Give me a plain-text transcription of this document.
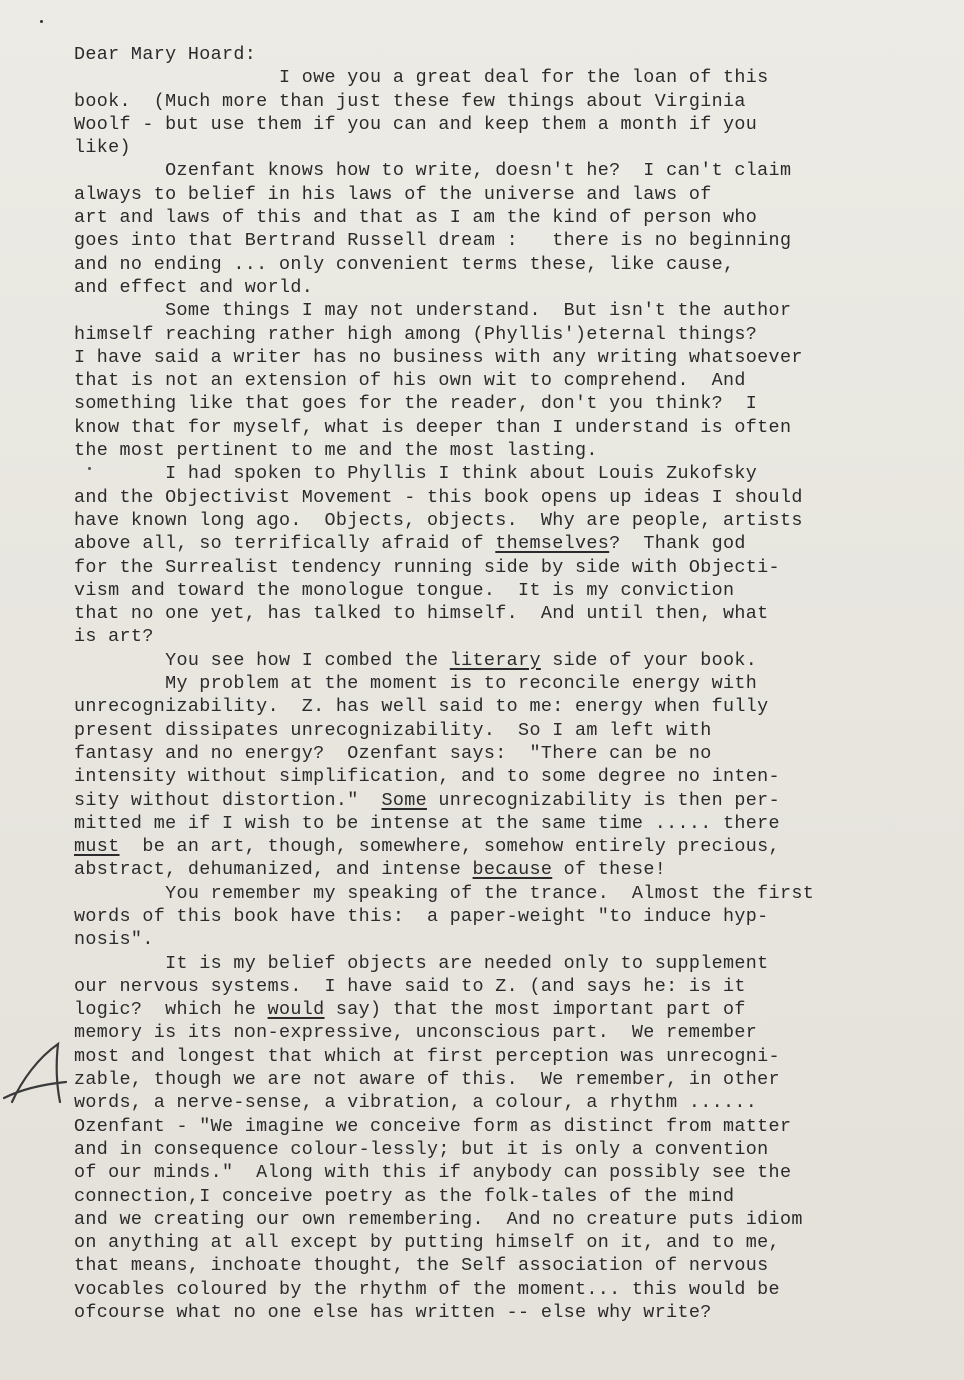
Dear Mary Hoard:
I owe you a great deal for the loan of this
book.  (Much more than just these few things about Virginia
Woolf - but use them if you can and keep them a month if you
like)
Ozenfant knows how to write, doesn't he?  I can't claim
always to belief in his laws of the universe and laws of
art and laws of this and that as I am the kind of person who
goes into that Bertrand Russell dream :   there is no beginning
and no ending ... only convenient terms these, like cause,
and effect and world.
Some things I may not understand.  But isn't the author
himself reaching rather high among (Phyllis')eternal things?
I have said a writer has no business with any writing whatsoever
that is not an extension of his own wit to comprehend.  And
something like that goes for the reader, don't you think?  I
know that for myself, what is deeper than I understand is often
the most pertinent to me and the most lasting.
I had spoken to Phyllis I think about Louis Zukofsky
and the Objectivist Movement - this book opens up ideas I should
have known long ago.  Objects, objects.  Why are people, artists
above all, so terrifically afraid of themselves?  Thank god
for the Surrealist tendency running side by side with Objecti-
vism and toward the monologue tongue.  It is my conviction
that no one yet, has talked to himself.  And until then, what
is art?
You see how I combed the literary side of your book.
My problem at the moment is to reconcile energy with
unrecognizability.  Z. has well said to me: energy when fully
present dissipates unrecognizability.  So I am left with
fantasy and no energy?  Ozenfant says:  "There can be no
intensity without simplification, and to some degree no inten-
sity without distortion."  Some unrecognizability is then per-
mitted me if I wish to be intense at the same time ..... there
must  be an art, though, somewhere, somehow entirely precious,
abstract, dehumanized, and intense because of these!
You remember my speaking of the trance.  Almost the first
words of this book have this:  a paper-weight "to induce hyp-
nosis".
It is my belief objects are needed only to supplement
our nervous systems.  I have said to Z. (and says he: is it
logic?  which he would say) that the most important part of
memory is its non-expressive, unconscious part.  We remember
most and longest that which at first perception was unrecogni-
zable, though we are not aware of this.  We remember, in other
words, a nerve-sense, a vibration, a colour, a rhythm ......
Ozenfant - "We imagine we conceive form as distinct from matter
and in consequence colour-lessly; but it is only a convention
of our minds."  Along with this if anybody can possibly see the
connection,I conceive poetry as the folk-tales of the mind
and we creating our own remembering.  And no creature puts idiom
on anything at all except by putting himself on it, and to me,
that means, inchoate thought, the Self association of nervous
vocables coloured by the rhythm of the moment... this would be
ofcourse what no one else has written -- else why write?
